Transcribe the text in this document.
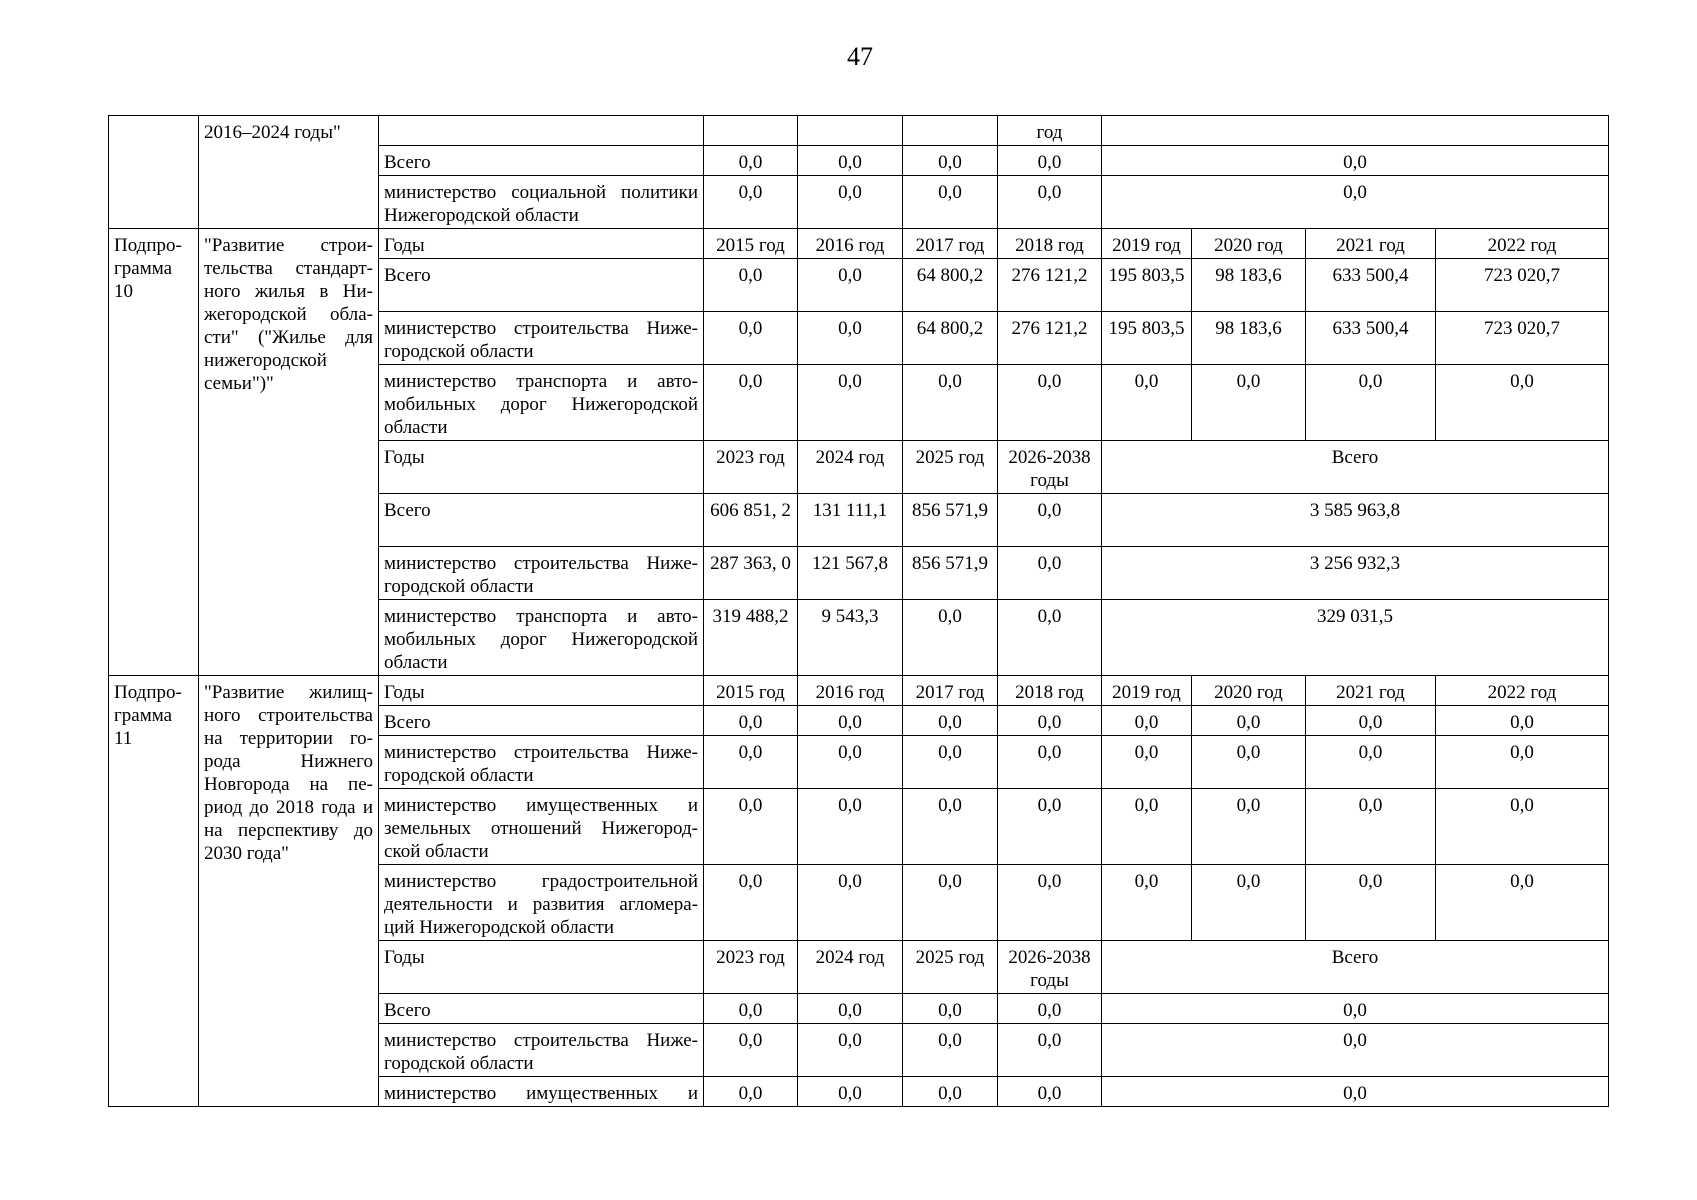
47
	2016–2024 годы"					год				
		Всего	0,0	0,0	0,0	0,0	0,0			
		министерство социальной политики Нижегородской области	0,0	0,0	0,0	0,0	0,0			
Подпро-грамма 10	"Развитие строи-тельства стандарт-ного жилья в Ни-жегородской обла-сти" ("Жилье для нижегородской семьи")"	Годы	2015 год	2016 год	2017 год	2018 год	2019 год	2020 год	2021 год	2022 год
		Всего	0,0	0,0	64 800,2	276 121,2	195 803,5	98 183,6	633 500,4	723 020,7
		министерство строительства Ниже-городской области	0,0	0,0	64 800,2	276 121,2	195 803,5	98 183,6	633 500,4	723 020,7
		министерство транспорта и авто-мобильных дорог Нижегородской области	0,0	0,0	0,0	0,0	0,0	0,0	0,0	0,0
		Годы	2023 год	2024 год	2025 год	2026-2038 годы	Всего			
		Всего	606 851, 2	131 111,1	856 571,9	0,0	3 585 963,8			
		министерство строительства Ниже-городской области	287 363, 0	121 567,8	856 571,9	0,0	3 256 932,3			
		министерство транспорта и авто-мобильных дорог Нижегородской области	319 488,2	9 543,3	0,0	0,0	329 031,5			
Подпро-грамма 11	"Развитие жилищ-ного строительства на территории го-рода Нижнего Новгорода на пе-риод до 2018 года и на перспективу до 2030 года"	Годы	2015 год	2016 год	2017 год	2018 год	2019 год	2020 год	2021 год	2022 год
		Всего	0,0	0,0	0,0	0,0	0,0	0,0	0,0	0,0
		министерство строительства Ниже-городской области	0,0	0,0	0,0	0,0	0,0	0,0	0,0	0,0
		министерство имущественных и земельных отношений Нижегород-ской области	0,0	0,0	0,0	0,0	0,0	0,0	0,0	0,0
		министерство градостроительной деятельности и развития агломера-ций Нижегородской области	0,0	0,0	0,0	0,0	0,0	0,0	0,0	0,0
		Годы	2023 год	2024 год	2025 год	2026-2038 годы	Всего			
		Всего	0,0	0,0	0,0	0,0	0,0			
		министерство строительства Ниже-городской области	0,0	0,0	0,0	0,0	0,0			
		министерство имущественных и	0,0	0,0	0,0	0,0	0,0			
